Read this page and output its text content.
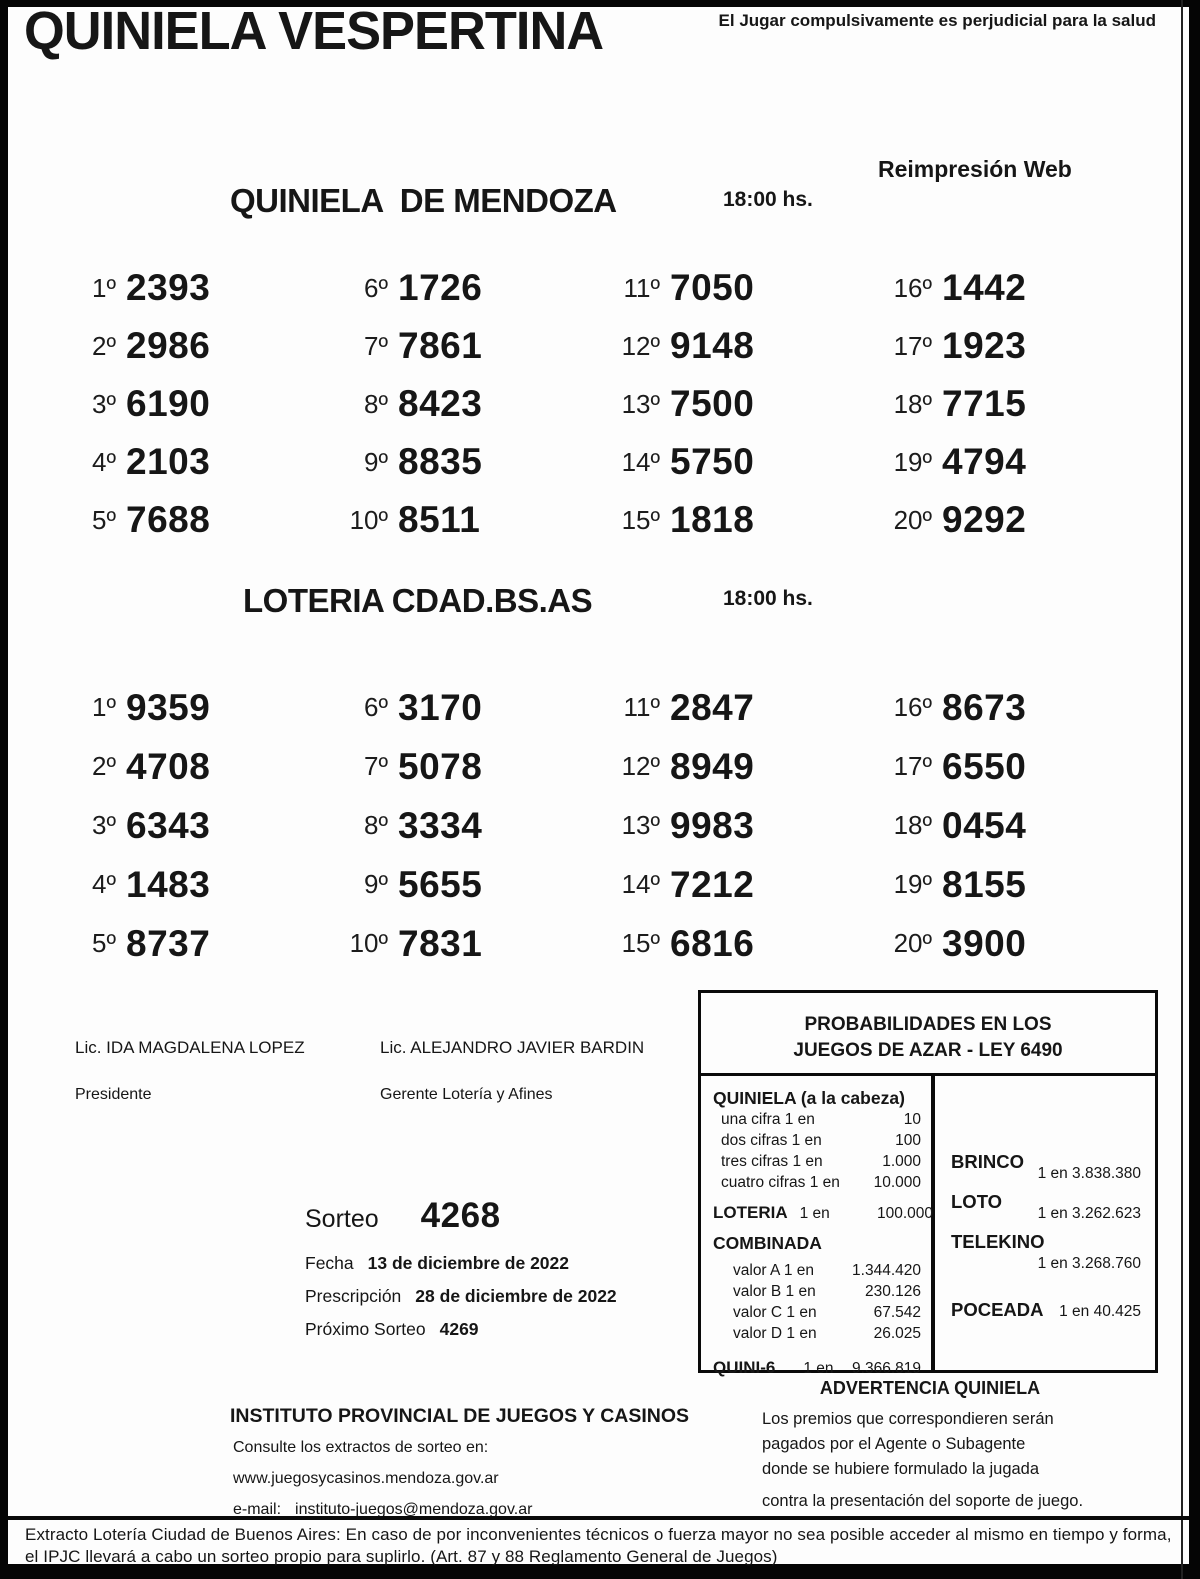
QUINIELA VESPERTINA	El Jugar compulsivamente es perjudicial para la salud
QUINIELA  DE MENDOZA	18:00 hs.
Reimpresión Web
1º 2393
2º 2986
3º 6190
4º 2103
5º 7688
6º 1726
7º 7861
8º 8423
9º 8835
10º 8511
11º 7050
12º 9148
13º 7500
14º 5750
15º 1818
16º 1442
17º 1923
18º 7715
19º 4794
20º 9292
LOTERIA CDAD.BS.AS	18:00 hs.
1º 9359
2º 4708
3º 6343
4º 1483
5º 8737
6º 3170
7º 5078
8º 3334
9º 5655
10º 7831
11º 2847
12º 8949
13º 9983
14º 7212
15º 6816
16º 8673
17º 6550
18º 0454
19º 8155
20º 3900
Lic. IDA MAGDALENA LOPEZ
Presidente
Lic. ALEJANDRO JAVIER BARDIN
Gerente Lotería y Afines
PROBABILIDADES EN LOS
JUEGOS DE AZAR - LEY 6490
QUINIELA (a la cabeza)
una cifra 1 en	10
dos cifras 1 en	100
tres cifras 1 en	1.000
cuatro cifras 1 en	10.000
LOTERIA 1 en	100.000
COMBINADA
valor A 1 en	1.344.420
valor B 1 en	230.126
valor C 1 en	67.542
valor D 1 en	26.025
QUINI-6 1 en	9.366.819
BRINCO
1 en 3.838.380
LOTO
1 en 3.262.623
TELEKINO
1 en 3.268.760
POCEADA 1 en 40.425
Sorteo 4268
Fecha 13 de diciembre de 2022
Prescripción 28 de diciembre de 2022
Próximo Sorteo 4269
INSTITUTO PROVINCIAL DE JUEGOS Y CASINOS
Consulte los extractos de sorteo en:
www.juegosycasinos.mendoza.gov.ar
e-mail: instituto-juegos@mendoza.gov.ar
ADVERTENCIA QUINIELA
Los premios que correspondieren serán
pagados por el Agente o Subagente
donde se hubiere formulado la jugada
contra la presentación del soporte de juego.
Extracto Lotería Ciudad de Buenos Aires: En caso de por inconvenientes técnicos o fuerza mayor no sea posible acceder al mismo en tiempo y forma, el IPJC llevará a cabo un sorteo propio para suplirlo. (Art. 87 y 88 Reglamento General de Juegos)
